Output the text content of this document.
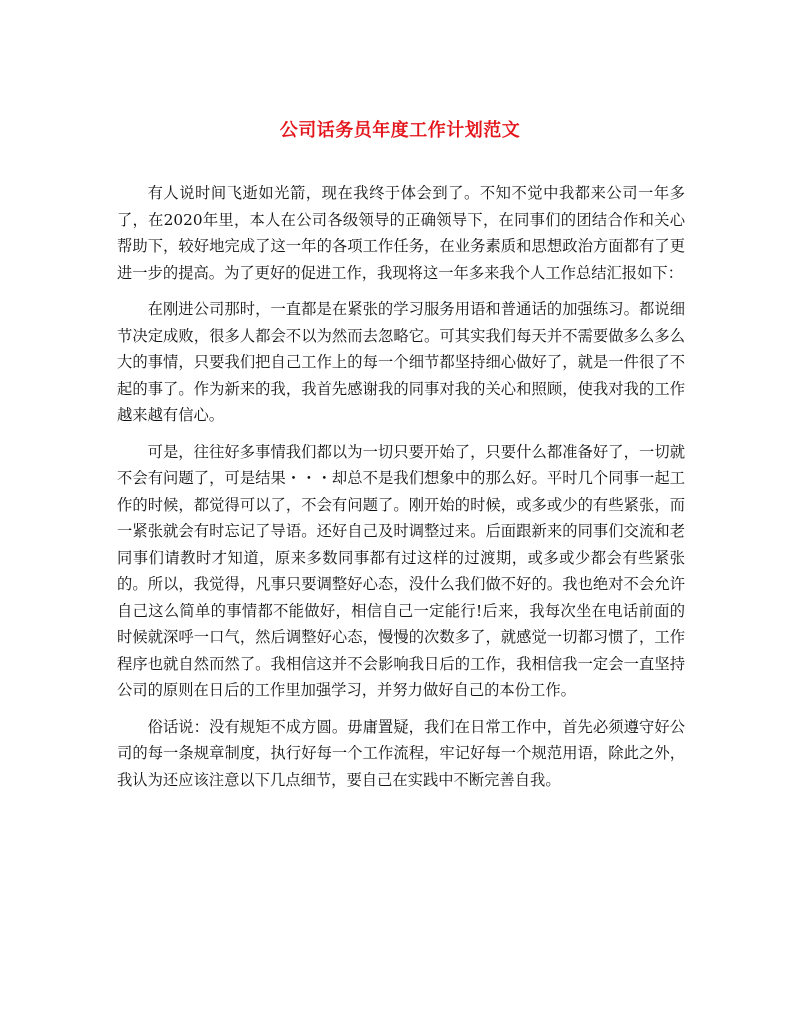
公司话务员年度工作计划范文

有人说时间飞逝如光箭，现在我终于体会到了。不知不觉中我都来公司一年多了，在2020年里，本人在公司各级领导的正确领导下，在同事们的团结合作和关心帮助下，较好地完成了这一年的各项工作任务，在业务素质和思想政治方面都有了更进一步的提高。为了更好的促进工作，我现将这一年多来我个人工作总结汇报如下：

在刚进公司那时，一直都是在紧张的学习服务用语和普通话的加强练习。都说细节决定成败，很多人都会不以为然而去忽略它。可其实我们每天并不需要做多么多么大的事情，只要我们把自己工作上的每一个细节都坚持细心做好了，就是一件很了不起的事了。作为新来的我，我首先感谢我的同事对我的关心和照顾，使我对我的工作越来越有信心。

可是，往往好多事情我们都以为一切只要开始了，只要什么都准备好了，一切就不会有问题了，可是结果・・・却总不是我们想象中的那么好。平时几个同事一起工作的时候，都觉得可以了，不会有问题了。刚开始的时候，或多或少的有些紧张，而一紧张就会有时忘记了导语。还好自己及时调整过来。后面跟新来的同事们交流和老同事们请教时才知道，原来多数同事都有过这样的过渡期，或多或少都会有些紧张的。所以，我觉得，凡事只要调整好心态，没什么我们做不好的。我也绝对不会允许自己这么简单的事情都不能做好，相信自己一定能行!后来，我每次坐在电话前面的时候就深呼一口气，然后调整好心态，慢慢的次数多了，就感觉一切都习惯了，工作程序也就自然而然了。我相信这并不会影响我日后的工作，我相信我一定会一直坚持公司的原则在日后的工作里加强学习，并努力做好自己的本份工作。

俗话说：没有规矩不成方圆。毋庸置疑，我们在日常工作中，首先必须遵守好公司的每一条规章制度，执行好每一个工作流程，牢记好每一个规范用语，除此之外，我认为还应该注意以下几点细节，要自己在实践中不断完善自我。
